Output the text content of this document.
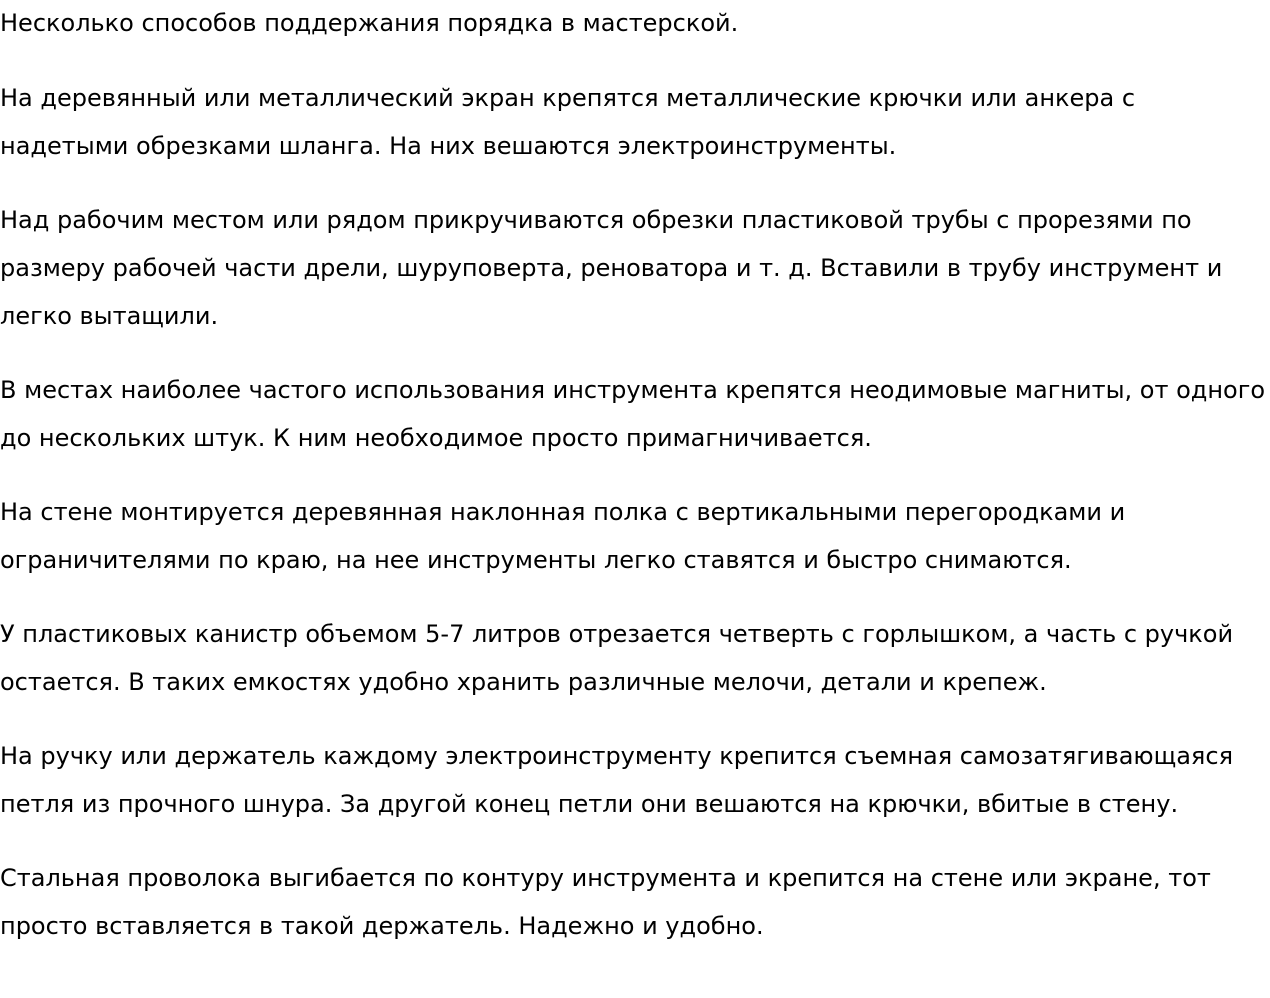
Несколько способов поддержания порядка в мастерской.

На деревянный или металлический экран крепятся металлические крючки или анкера с надетыми обрезками шланга. На них вешаются электроинструменты.

Над рабочим местом или рядом прикручиваются обрезки пластиковой трубы с прорезями по размеру рабочей части дрели, шуруповерта, реноватора и т. д. Вставили в трубу инструмент и легко вытащили.

В местах наиболее частого использования инструмента крепятся неодимовые магниты, от одного до нескольких штук. К ним необходимое просто примагничивается.

На стене монтируется деревянная наклонная полка с вертикальными перегородками и ограничителями по краю, на нее инструменты легко ставятся и быстро снимаются.

У пластиковых канистр объемом 5-7 литров отрезается четверть с горлышком, а часть с ручкой остается. В таких емкостях удобно хранить различные мелочи, детали и крепеж.

На ручку или держатель каждому электроинструменту крепится съемная самозатягивающаяся петля из прочного шнура. За другой конец петли они вешаются на крючки, вбитые в стену.

Стальная проволока выгибается по контуру инструмента и крепится на стене или экране, тот просто вставляется в такой держатель. Надежно и удобно.
